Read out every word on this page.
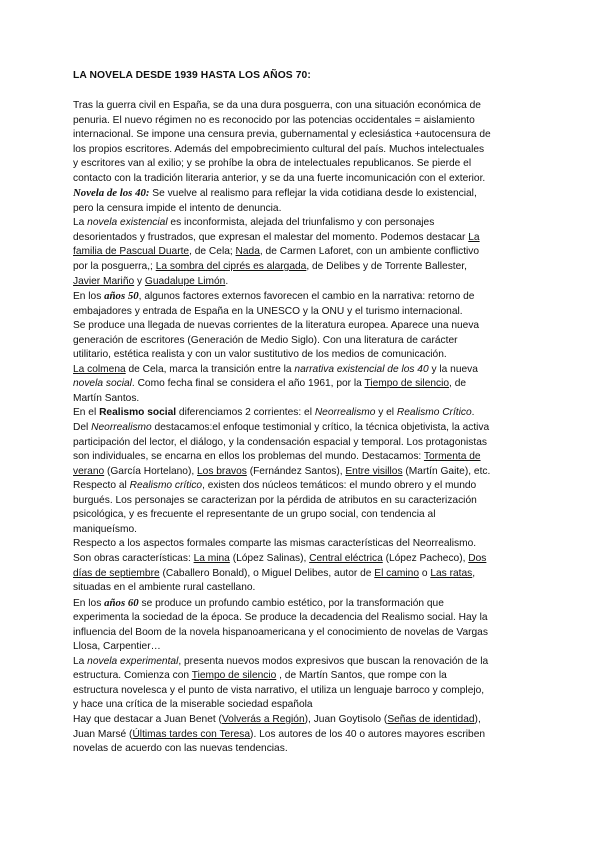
LA NOVELA DESDE 1939 HASTA LOS AÑOS 70:

Tras la guerra civil en España, se da una dura posguerra, con una situación económica de
penuria. El nuevo régimen no es reconocido por las potencias occidentales = aislamiento
internacional. Se impone una censura previa, gubernamental y eclesiástica +autocensura de
los propios escritores. Además del empobrecimiento cultural del país. Muchos intelectuales
y escritores van al exilio; y se prohíbe la obra de intelectuales republicanos. Se pierde el
contacto con la tradición literaria anterior, y se da una fuerte incomunicación con el exterior.

Novela de los 40: Se vuelve al realismo para reflejar la vida cotidiana desde lo existencial,
pero la censura impide el intento de denuncia.

La novela existencial es inconformista, alejada del triunfalismo y con personajes
desorientados y frustrados, que expresan el malestar del momento. Podemos destacar La
familia de Pascual Duarte, de Cela; Nada, de Carmen Laforet, con un ambiente conflictivo
por la posguerra,; La sombra del ciprés es alargada, de Delibes y de Torrente Ballester,
Javier Mariño y Guadalupe Limón.

En los años 50, algunos factores externos favorecen el cambio en la narrativa: retorno de
embajadores y entrada de España en la UNESCO y la ONU y el turismo internacional.

Se produce una llegada de nuevas corrientes de la literatura europea. Aparece una nueva
generación de escritores (Generación de Medio Siglo). Con una literatura de carácter
utilitario, estética realista y con un valor sustitutivo de los medios de comunicación.

La colmena de Cela, marca la transición entre la narrativa existencial de los 40 y la nueva
novela social. Como fecha final se considera el año 1961, por la Tiempo de silencio, de
Martín Santos.

En el Realismo social diferenciamos 2 corrientes: el Neorrealismo y el Realismo Crítico.

Del Neorrealismo destacamos:el enfoque testimonial y crítico, la técnica objetivista, la activa
participación del lector, el diálogo, y la condensación espacial y temporal. Los protagonistas
son individuales, se encarna en ellos los problemas del mundo. Destacamos: Tormenta de
verano (García Hortelano), Los bravos (Fernández Santos), Entre visillos (Martín Gaite), etc.

Respecto al Realismo crítico, existen dos núcleos temáticos: el mundo obrero y el mundo
burgués. Los personajes se caracterizan por la pérdida de atributos en su caracterización
psicológica, y es frecuente el representante de un grupo social, con tendencia al
maniqueísmo.

Respecto a los aspectos formales comparte las mismas características del Neorrealismo.
Son obras características: La mina (López Salinas), Central eléctrica (López Pacheco), Dos
días de septiembre (Caballero Bonald), o Miguel Delibes, autor de El camino o Las ratas,
situadas en el ambiente rural castellano.

En los años 60 se produce un profundo cambio estético, por la transformación que
experimenta la sociedad de la época. Se produce la decadencia del Realismo social. Hay la
influencia del Boom de la novela hispanoamericana y el conocimiento de novelas de Vargas
Llosa, Carpentier…

La novela experimental, presenta nuevos modos expresivos que buscan la renovación de la
estructura. Comienza con Tiempo de silencio , de Martín Santos, que rompe con la
estructura novelesca y el punto de vista narrativo, el utiliza un lenguaje barroco y complejo,
y hace una crítica de la miserable sociedad española

Hay que destacar a Juan Benet (Volverás a Región), Juan Goytisolo (Señas de identidad),
Juan Marsé (Últimas tardes con Teresa). Los autores de los 40 o autores mayores escriben
novelas de acuerdo con las nuevas tendencias.
